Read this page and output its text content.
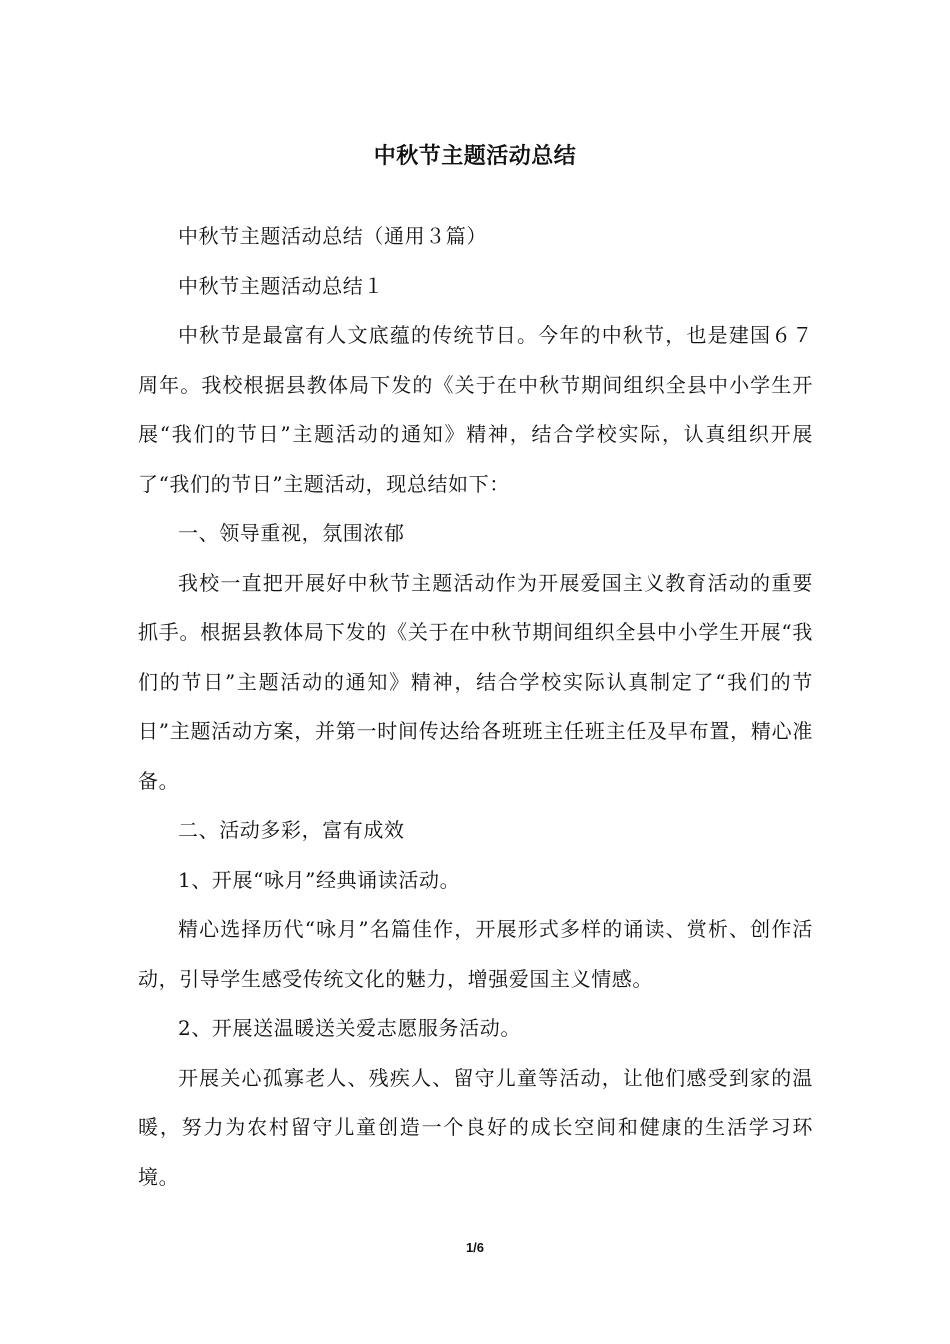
中秋节主题活动总结

中秋节主题活动总结（通用３篇）

中秋节主题活动总结１

中秋节是最富有人文底蕴的传统节日。今年的中秋节，也是建国６７周年。我校根据县教体局下发的《关于在中秋节期间组织全县中小学生开展“我们的节日”主题活动的通知》精神，结合学校实际，认真组织开展了“我们的节日”主题活动，现总结如下：

一、领导重视，氛围浓郁

我校一直把开展好中秋节主题活动作为开展爱国主义教育活动的重要抓手。根据县教体局下发的《关于在中秋节期间组织全县中小学生开展“我们的节日”主题活动的通知》精神，结合学校实际认真制定了“我们的节日”主题活动方案，并第一时间传达给各班班主任班主任及早布置，精心准备。

二、活动多彩，富有成效

1、开展“咏月”经典诵读活动。

精心选择历代“咏月”名篇佳作，开展形式多样的诵读、赏析、创作活动，引导学生感受传统文化的魅力，增强爱国主义情感。

2、开展送温暖送关爱志愿服务活动。

开展关心孤寡老人、残疾人、留守儿童等活动，让他们感受到家的温暖，努力为农村留守儿童创造一个良好的成长空间和健康的生活学习环境。

1/6
